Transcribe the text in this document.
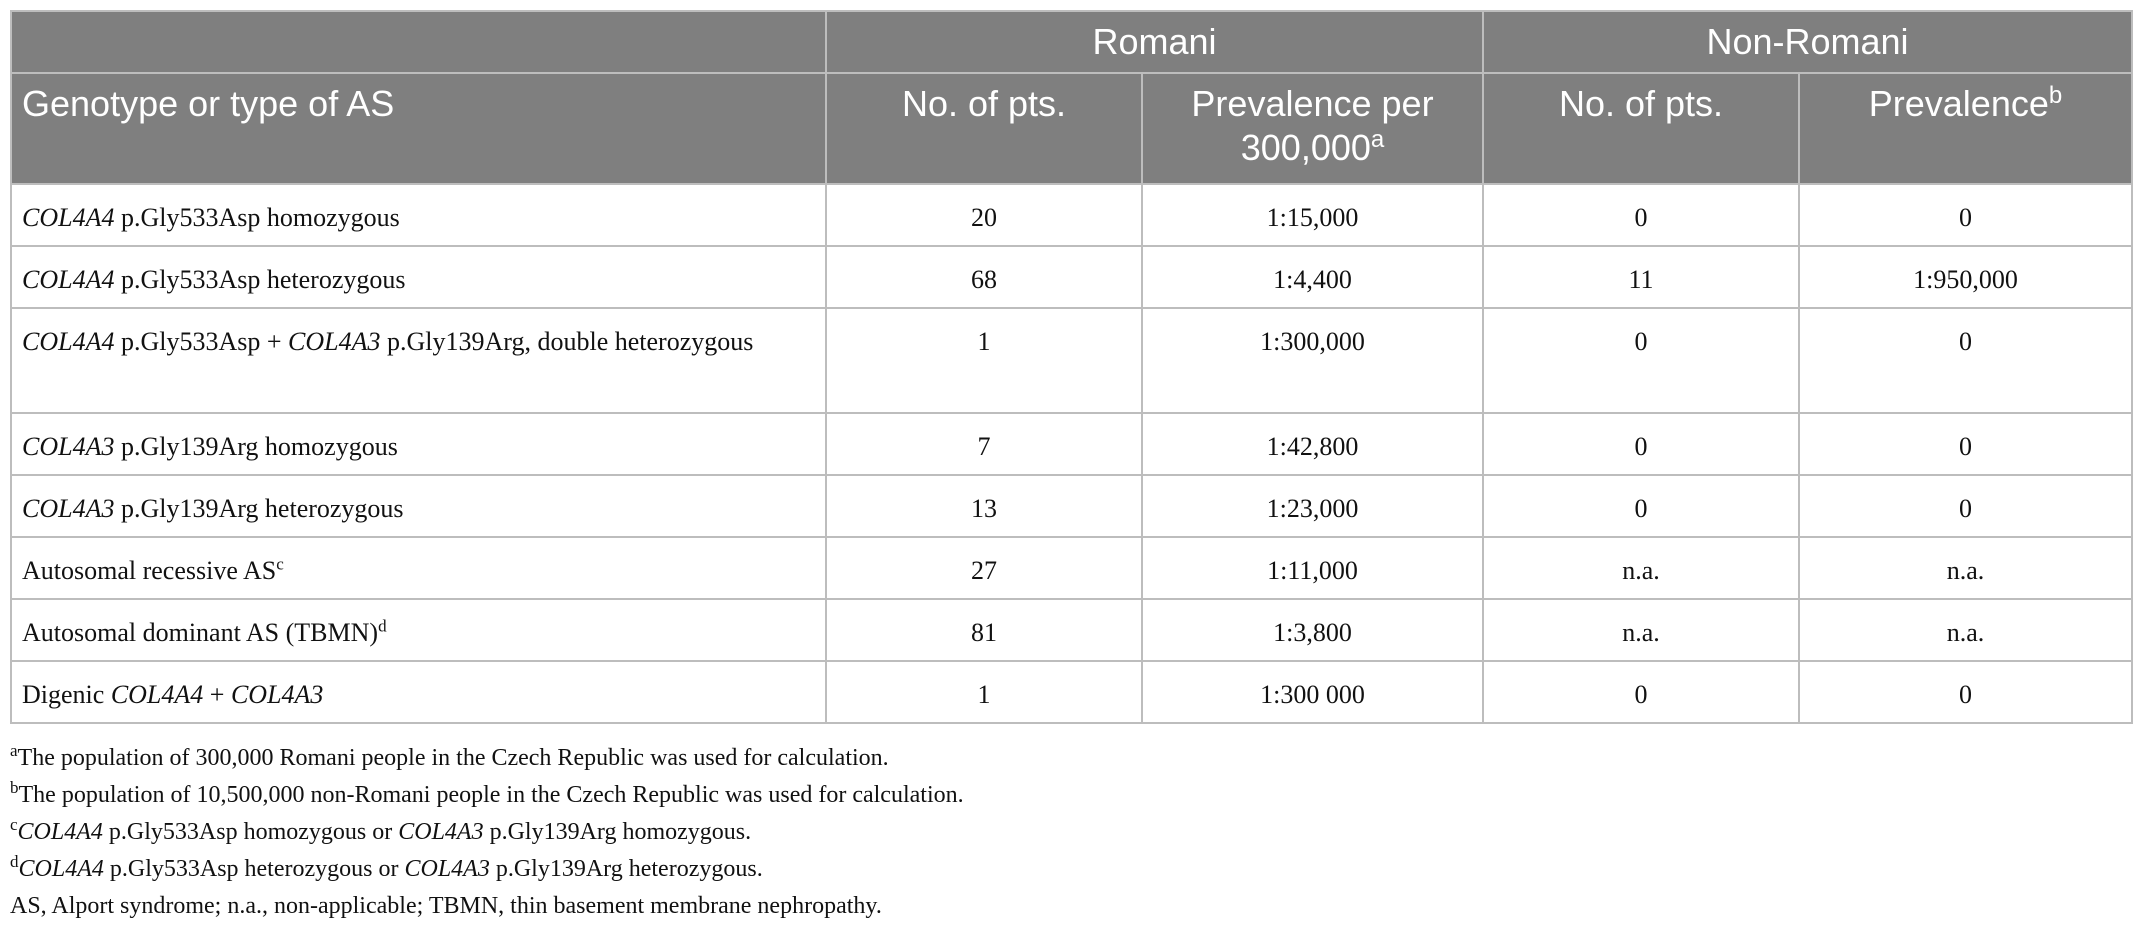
	Romani		Non-Romani	
Genotype or type of AS	No. of pts.	Prevalence per 300,000$^a$	No. of pts.	Prevalence$^b$
COL4A4 p.Gly533Asp homozygous	20	1:15,000	0	0
COL4A4 p.Gly533Asp heterozygous	68	1:4,400	11	1:950,000
COL4A4 p.Gly533Asp + COL4A3 p.Gly139Arg, double heterozygous	1	1:300,000	0	0
COL4A3 p.Gly139Arg homozygous	7	1:42,800	0	0
COL4A3 p.Gly139Arg heterozygous	13	1:23,000	0	0
Autosomal recessive $AS^c$	27	1:11,000	n.a.	n.a.
Autosomal dominant AS (TBMN)$^d$	81	1:3,800	n.a.	n.a.
Digenic COL4A4 + COL4A3	1	1:300 000	0	0
$^a$The population of 300,000 Romani people in the Czech Republic was used for calculation.
$^b$The population of 10,500,000 non-Romani people in the Czech Republic was used for calculation.
$^c$COL4A4 p.Gly533Asp homozygous or COL4A3 p.Gly139Arg homozygous.
$^d$COL4A4 p.Gly533Asp heterozygous or COL4A3 p.Gly139Arg heterozygous.
AS, Alport syndrome; n.a., non-applicable; TBMN, thin basement membrane nephropathy.
